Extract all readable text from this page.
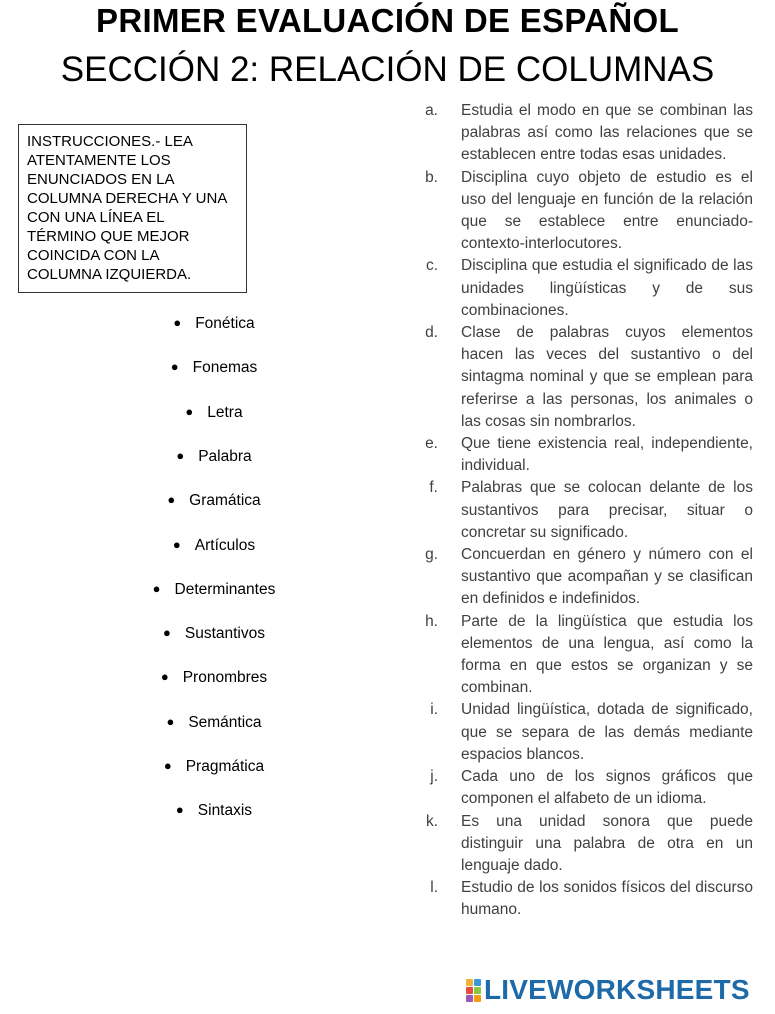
PRIMER EVALUACIÓN DE ESPAÑOL
SECCIÓN 2: RELACIÓN DE COLUMNAS
INSTRUCCIONES.- LEA ATENTAMENTE LOS ENUNCIADOS EN LA COLUMNA DERECHA Y UNA CON UNA LÍNEA EL TÉRMINO QUE MEJOR COINCIDA CON LA COLUMNA IZQUIERDA.
● Fonética
● Fonemas
● Letra
● Palabra
● Gramática
● Artículos
● Determinantes
● Sustantivos
● Pronombres
● Semántica
● Pragmática
● Sintaxis
a. Estudia el modo en que se combinan las palabras así como las relaciones que se establecen entre todas esas unidades.
b. Disciplina cuyo objeto de estudio es el uso del lenguaje en función de la relación que se establece entre enunciado-contexto-interlocutores.
c. Disciplina que estudia el significado de las unidades lingüísticas y de sus combinaciones.
d. Clase de palabras cuyos elementos hacen las veces del sustantivo o del sintagma nominal y que se emplean para referirse a las personas, los animales o las cosas sin nombrarlos.
e. Que tiene existencia real, independiente, individual.
f. Palabras que se colocan delante de los sustantivos para precisar, situar o concretar su significado.
g. Concuerdan en género y número con el sustantivo que acompañan y se clasifican en definidos e indefinidos.
h. Parte de la lingüística que estudia los elementos de una lengua, así como la forma en que estos se organizan y se combinan.
i. Unidad lingüística, dotada de significado, que se separa de las demás mediante espacios blancos.
j. Cada uno de los signos gráficos que componen el alfabeto de un idioma.
k. Es una unidad sonora que puede distinguir una palabra de otra en un lenguaje dado.
l. Estudio de los sonidos físicos del discurso humano.
LIVEWORKSHEETS
